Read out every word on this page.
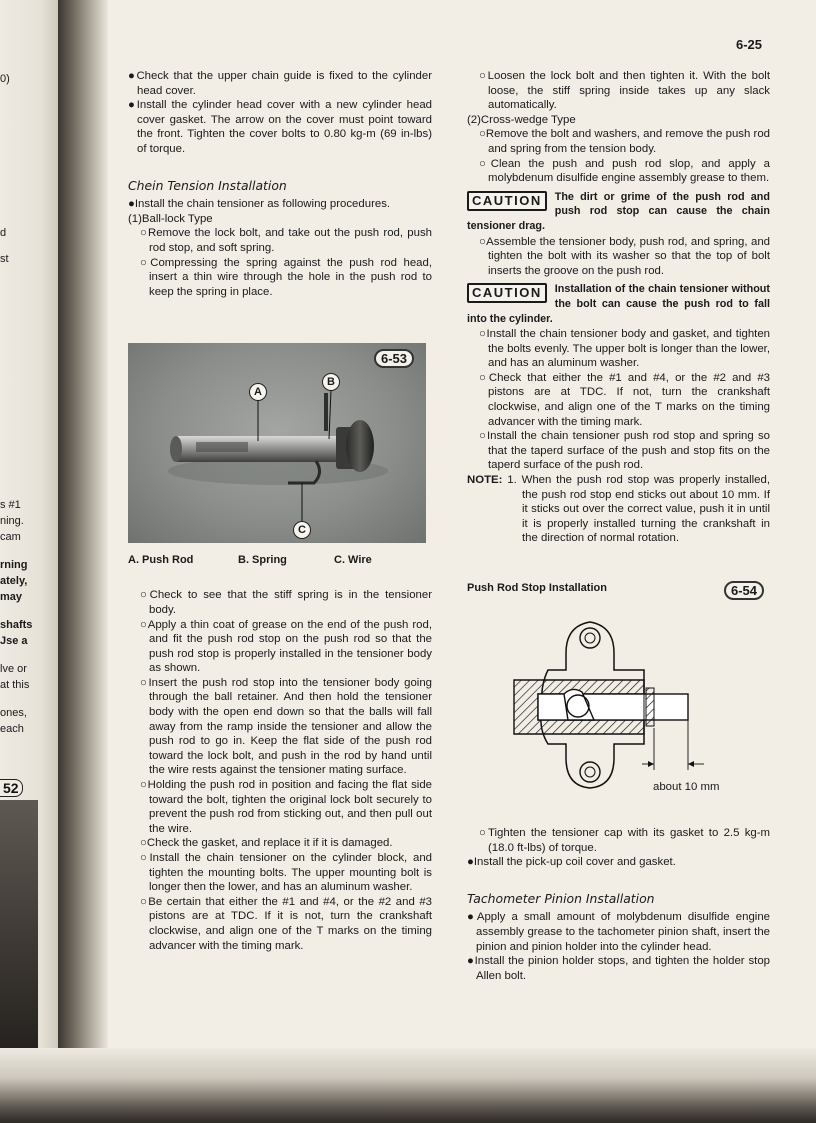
0)
d
st
s #1
ning.
cam
rning
ately,
may
shafts
Jse a
lve or
at this
ones,
each
52
6-25
●Check that the upper chain guide is fixed to the cylinder head cover.
●Install the cylinder head cover with a new cylinder head cover gasket. The arrow on the cover must point toward the front. Tighten the cover bolts to 0.80 kg-m (69 in-lbs) of torque.
Chein Tension Installation
●Install the chain tensioner as following procedures.
(1)Ball-lock Type
○Remove the lock bolt, and take out the push rod, push rod stop, and soft spring.
○Compressing the spring against the push rod head, insert a thin wire through the hole in the push rod to keep the spring in place.
○Check to see that the stiff spring is in the tensioner body.
○Apply a thin coat of grease on the end of the push rod, and fit the push rod stop on the push rod so that the push rod stop is properly installed in the tensioner body as shown.
○Insert the push rod stop into the tensioner body going through the ball retainer. And then hold the tensioner body with the open end down so that the balls will fall away from the ramp inside the tensioner and allow the push rod to go in. Keep the flat side of the push rod toward the lock bolt, and push in the rod by hand until the wire rests against the tensioner mating surface.
○Holding the push rod in position and facing the flat side toward the bolt, tighten the original lock bolt securely to prevent the push rod from sticking out, and then pull out the wire.
○Check the gasket, and replace it if it is damaged.
○Install the chain tensioner on the cylinder block, and tighten the mounting bolts. The upper mounting bolt is longer then the lower, and has an aluminum washer.
○Be certain that either the #1 and #4, or the #2 and #3 pistons are at TDC. If it is not, turn the crankshaft clockwise, and align one of the T marks on the timing advancer with the timing mark.
6-53
A
B
C
A. Push Rod	B. Spring	C. Wire
○Loosen the lock bolt and then tighten it. With the bolt loose, the stiff spring inside takes up any slack automatically.
(2)Cross-wedge Type
○Remove the bolt and washers, and remove the push rod and spring from the tension body.
○Clean the push and push rod slop, and apply a molybdenum disulfide engine assembly grease to them.
CAUTION	The dirt or grime of the push rod and push rod stop can cause the chain tensioner drag.
○Assemble the tensioner body, push rod, and spring, and tighten the bolt with its washer so that the top of bolt inserts the groove on the push rod.
CAUTION	Installation of the chain tensioner without the bolt can cause the push rod to fall into the cylinder.
○Install the chain tensioner body and gasket, and tighten the bolts evenly. The upper bolt is longer than the lower, and has an aluminum washer.
○Check that either the #1 and #4, or the #2 and #3 pistons are at TDC. If not, turn the crankshaft clockwise, and align one of the T marks on the timing advancer with the timing mark.
○Install the chain tensioner push rod stop and spring so that the taperd surface of the push and stop fits on the taperd surface of the push rod.
NOTE: 1. When the push rod stop was properly installed, the push rod stop end sticks out about 10 mm. If it sticks out over the correct value, push it in until it is properly installed turning the crankshaft in the direction of normal rotation.
Push Rod Stop Installation	6-54
about 10 mm
○Tighten the tensioner cap with its gasket to 2.5 kg-m (18.0 ft-lbs) of torque.
●Install the pick-up coil cover and gasket.
Tachometer Pinion Installation
●Apply a small amount of molybdenum disulfide engine assembly grease to the tachometer pinion shaft, insert the pinion and pinion holder into the cylinder head.
●Install the pinion holder stops, and tighten the holder stop Allen bolt.
